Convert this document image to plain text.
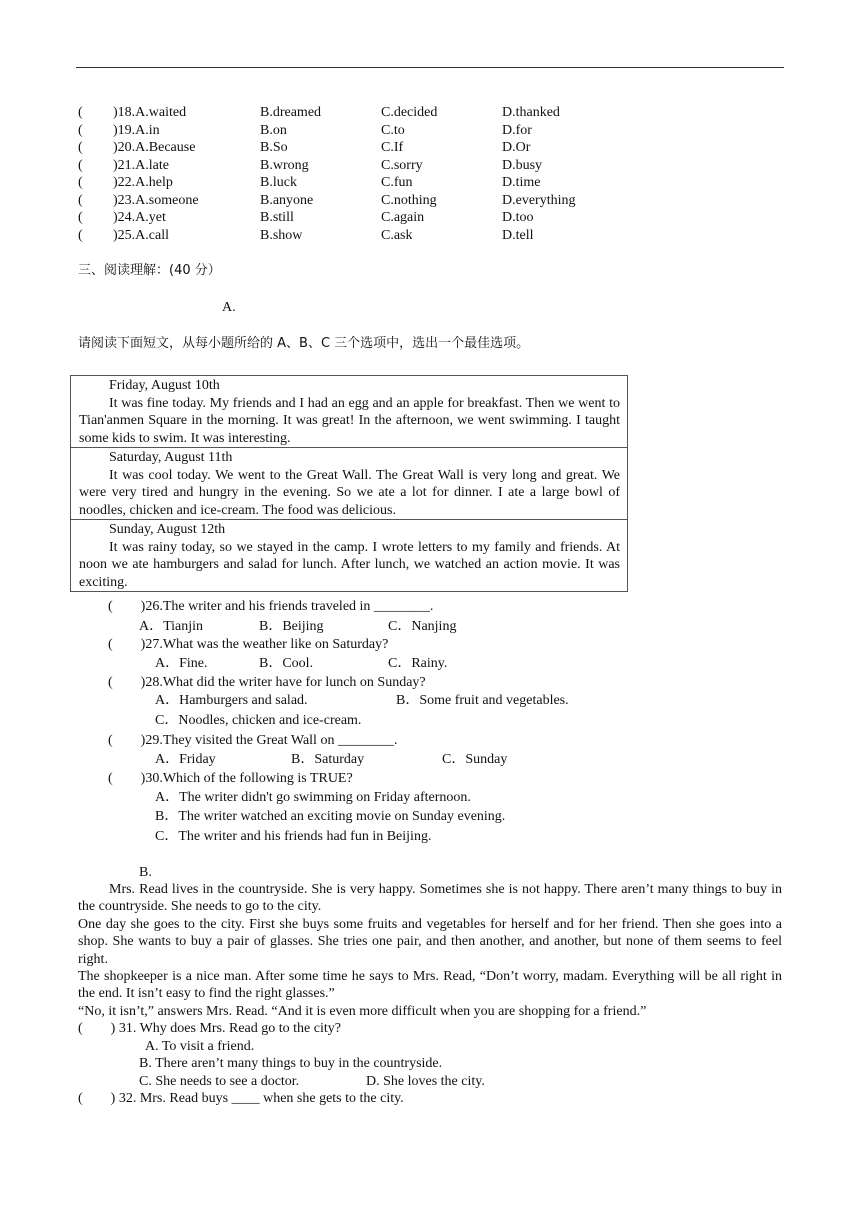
( )18.A.waited	B.dreamed	C.decided	D.thanked
( )19.A.in	B.on	C.to	D.for
( )20.A.Because	B.So	C.If	D.Or
( )21.A.late	B.wrong	C.sorry	D.busy
( )22.A.help	B.luck	C.fun	D.time
( )23.A.someone	B.anyone	C.nothing	D.everything
( )24.A.yet	B.still	C.again	D.too
( )25.A.call	B.show	C.ask	D.tell
三、阅读理解：(40 分）
A.
请阅读下面短文，从每小题所给的 A、B、C 三个选项中，选出一个最佳选项。
Friday, August 10th
It was fine today. My friends and I had an egg and an apple for breakfast. Then we went to Tian'anmen Square in the morning. It was great! In the afternoon, we went swimming. I taught some kids to swim. It was interesting.
Saturday, August 11th
It was cool today. We went to the Great Wall. The Great Wall is very long and great. We were very tired and hungry in the evening. So we ate a lot for dinner. I ate a large bowl of noodles, chicken and ice-cream. The food was delicious.
Sunday, August 12th
It was rainy today, so we stayed in the camp. I wrote letters to my family and friends. At noon we ate hamburgers and salad for lunch. After lunch, we watched an action movie. It was exciting.
(　　)26.The writer and his friends traveled in ________.
A．Tianjin	B．Beijing	C．Nanjing
(　　)27.What was the weather like on Saturday?
A．Fine.	B．Cool.	C．Rainy.
(　　)28.What did the writer have for lunch on Sunday?
A．Hamburgers and salad.	B．Some fruit and vegetables.
C．Noodles, chicken and ice-cream.
(　　)29.They visited the Great Wall on ________.
A．Friday	B．Saturday	C．Sunday
(　　)30.Which of the following is TRUE?
A．The writer didn't go swimming on Friday afternoon.
B．The writer watched an exciting movie on Sunday evening.
C．The writer and his friends had fun in Beijing.
B.
Mrs. Read lives in the countryside. She is very happy. Sometimes she is not happy. There aren’t many things to buy in the countryside. She needs to go to the city.
One day she goes to the city. First she buys some fruits and vegetables for herself and for her friend. Then she goes into a shop. She wants to buy a pair of glasses. She tries one pair, and then another, and another, but none of them seems to feel right.
The shopkeeper is a nice man. After some time he says to Mrs. Read, “Don’t worry, madam. Everything will be all right in the end. It isn’t easy to find the right glasses.”
“No, it isn’t,” answers Mrs. Read. “And it is even more difficult when you are shopping for a friend.”
(　　) 31. Why does Mrs. Read go to the city?
A. To visit a friend.
B. There aren’t many things to buy in the countryside.
C. She needs to see a doctor.	D. She loves the city.
(　　) 32. Mrs. Read buys ____ when she gets to the city.
